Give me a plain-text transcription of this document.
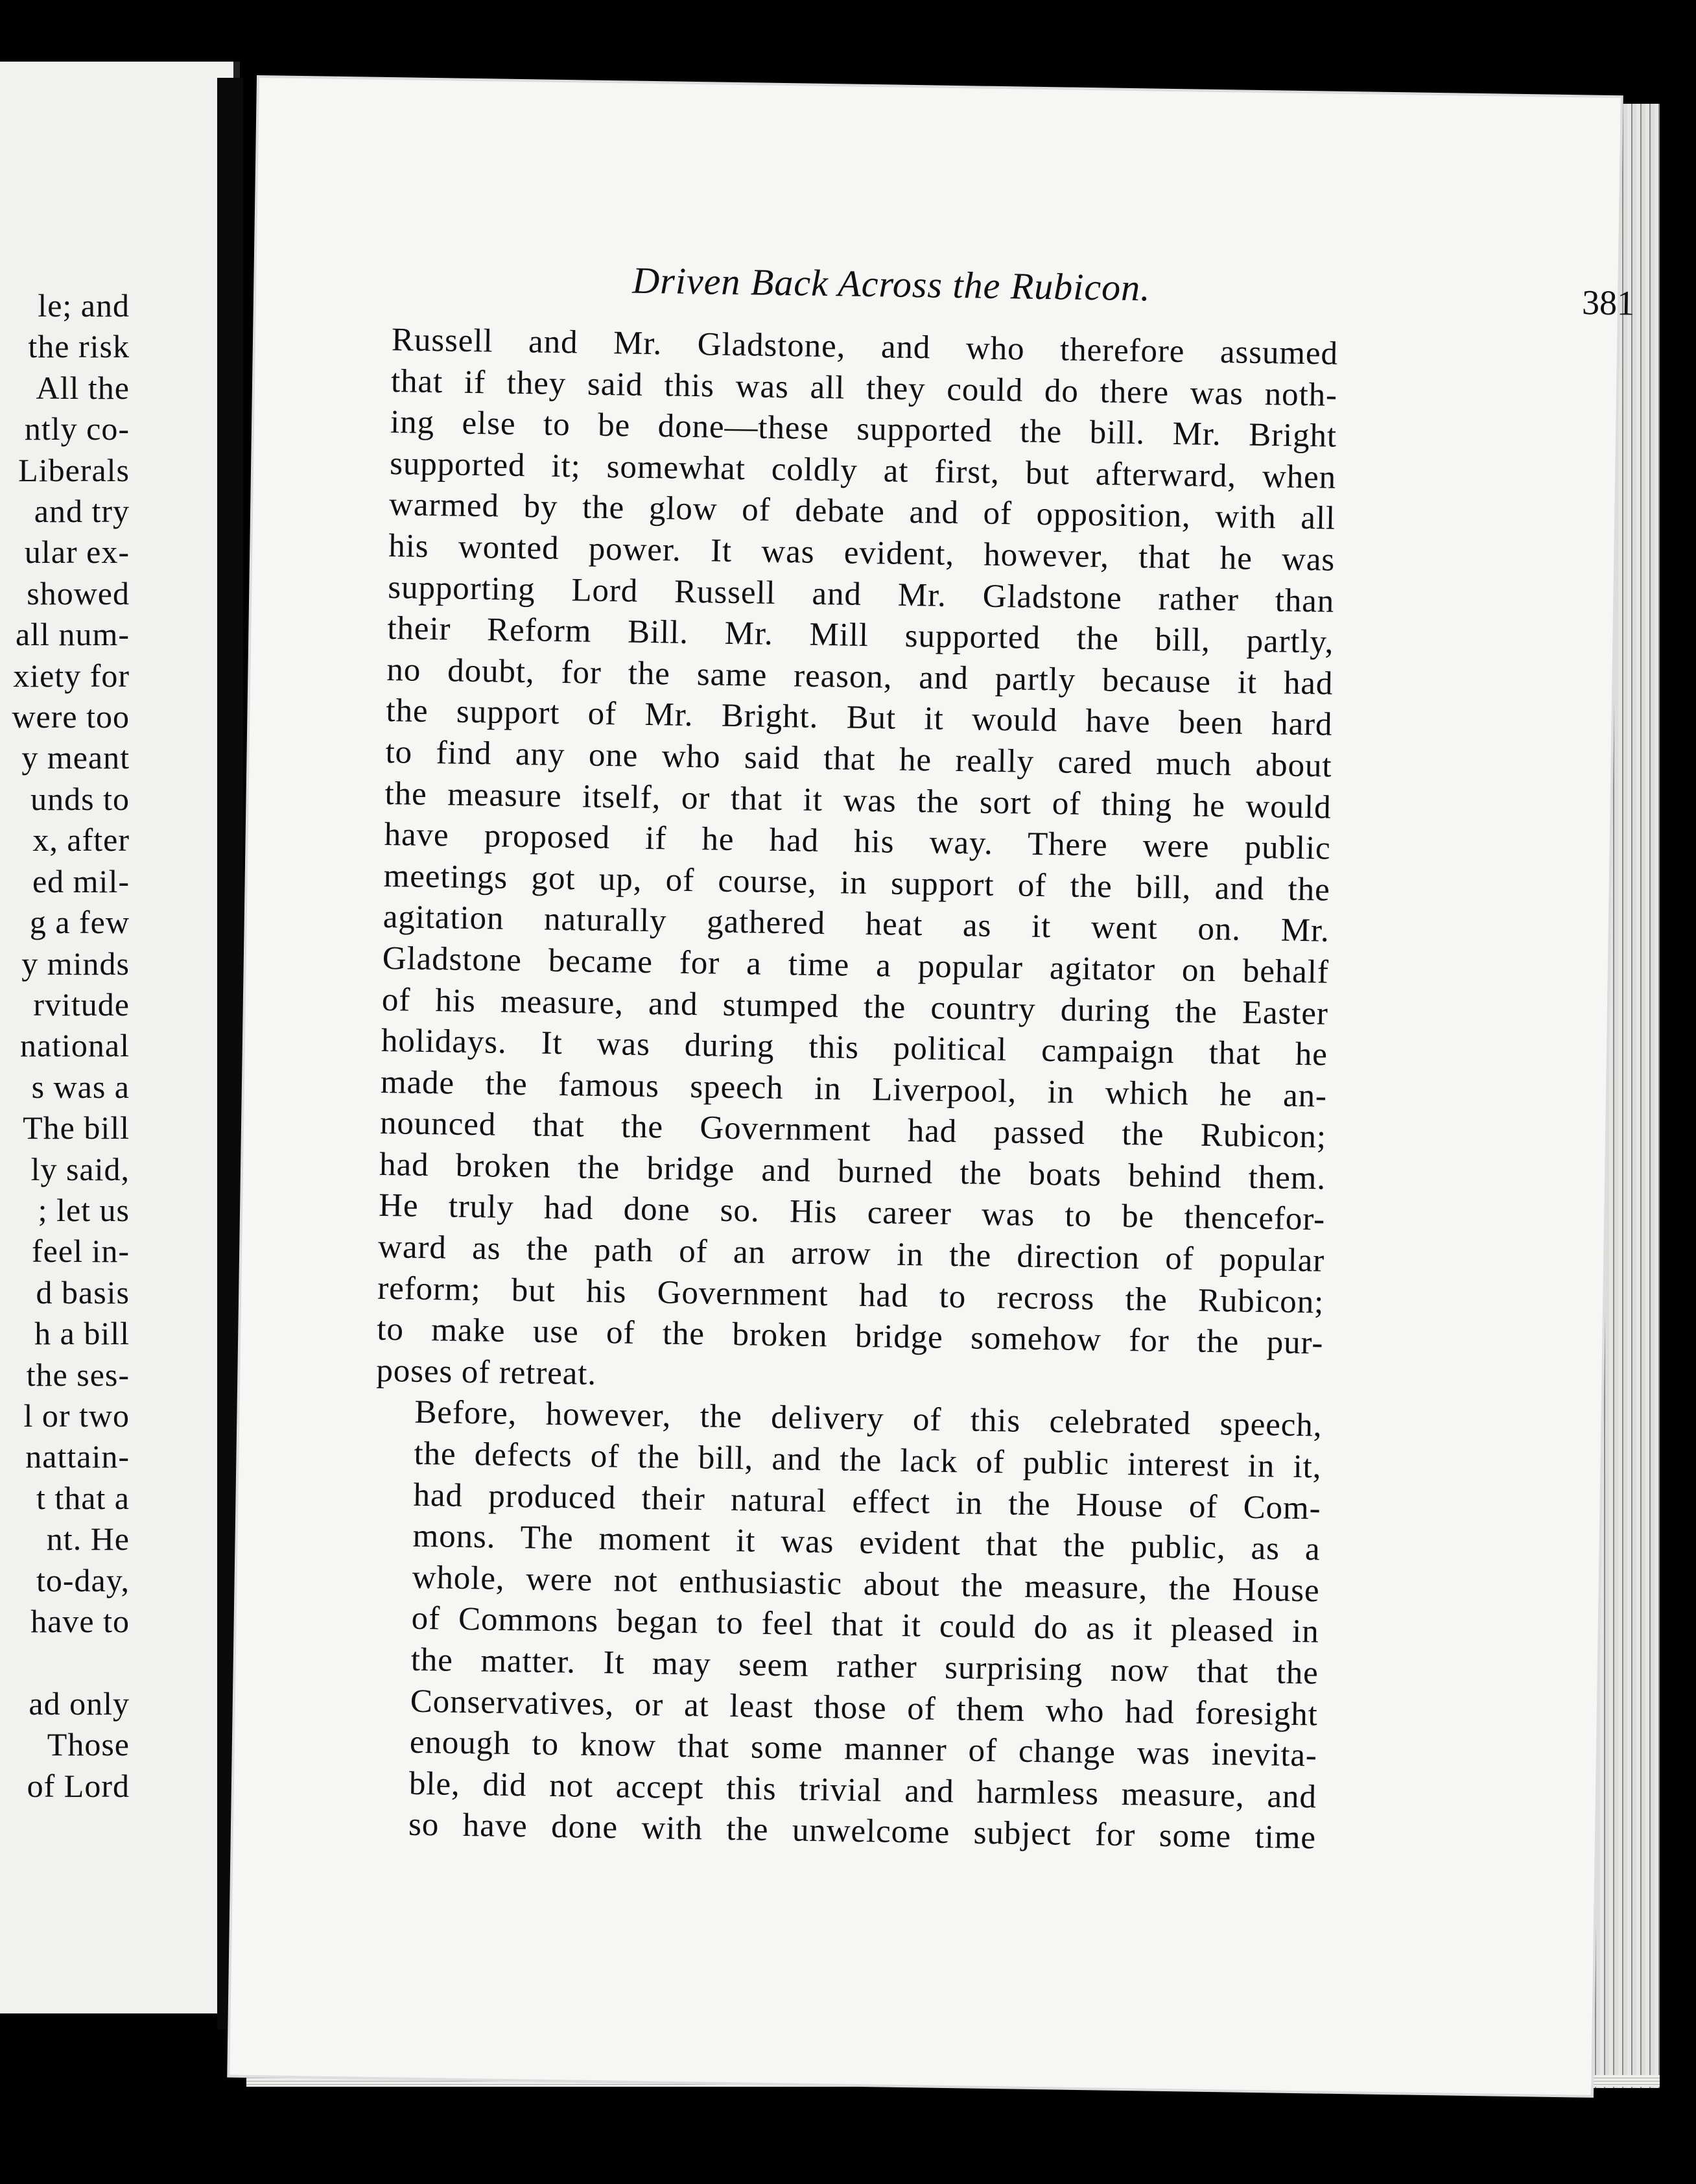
le; and
the risk
All the
ntly co-
Liberals
and try
ular ex-
showed
all num-
xiety for
were too
y meant
unds to
x, after
ed mil-
g a few
y minds
rvitude
national
s was a
The bill
ly said,
; let us
feel in-
d basis
h a bill
the ses-
l or two
nattain-
t that a
nt. He
to-day,
have to
ad only
Those
of Lord
Driven Back Across the Rubicon.	381

Russell and Mr. Gladstone, and who therefore assumed
that if they said this was all they could do there was noth-
ing else to be done—these supported the bill. Mr. Bright
supported it; somewhat coldly at first, but afterward, when
warmed by the glow of debate and of opposition, with all
his wonted power. It was evident, however, that he was
supporting Lord Russell and Mr. Gladstone rather than
their Reform Bill. Mr. Mill supported the bill, partly,
no doubt, for the same reason, and partly because it had
the support of Mr. Bright. But it would have been hard
to find any one who said that he really cared much about
the measure itself, or that it was the sort of thing he would
have proposed if he had his way. There were public
meetings got up, of course, in support of the bill, and the
agitation naturally gathered heat as it went on. Mr.
Gladstone became for a time a popular agitator on behalf
of his measure, and stumped the country during the Easter
holidays. It was during this political campaign that he
made the famous speech in Liverpool, in which he an-
nounced that the Government had passed the Rubicon;
had broken the bridge and burned the boats behind them.
He truly had done so. His career was to be thencefor-
ward as the path of an arrow in the direction of popular
reform; but his Government had to recross the Rubicon;
to make use of the broken bridge somehow for the pur-
poses of retreat.

Before, however, the delivery of this celebrated speech,
the defects of the bill, and the lack of public interest in it,
had produced their natural effect in the House of Com-
mons. The moment it was evident that the public, as a
whole, were not enthusiastic about the measure, the House
of Commons began to feel that it could do as it pleased in
the matter. It may seem rather surprising now that the
Conservatives, or at least those of them who had foresight
enough to know that some manner of change was inevita-
ble, did not accept this trivial and harmless measure, and
so have done with the unwelcome subject for some time
